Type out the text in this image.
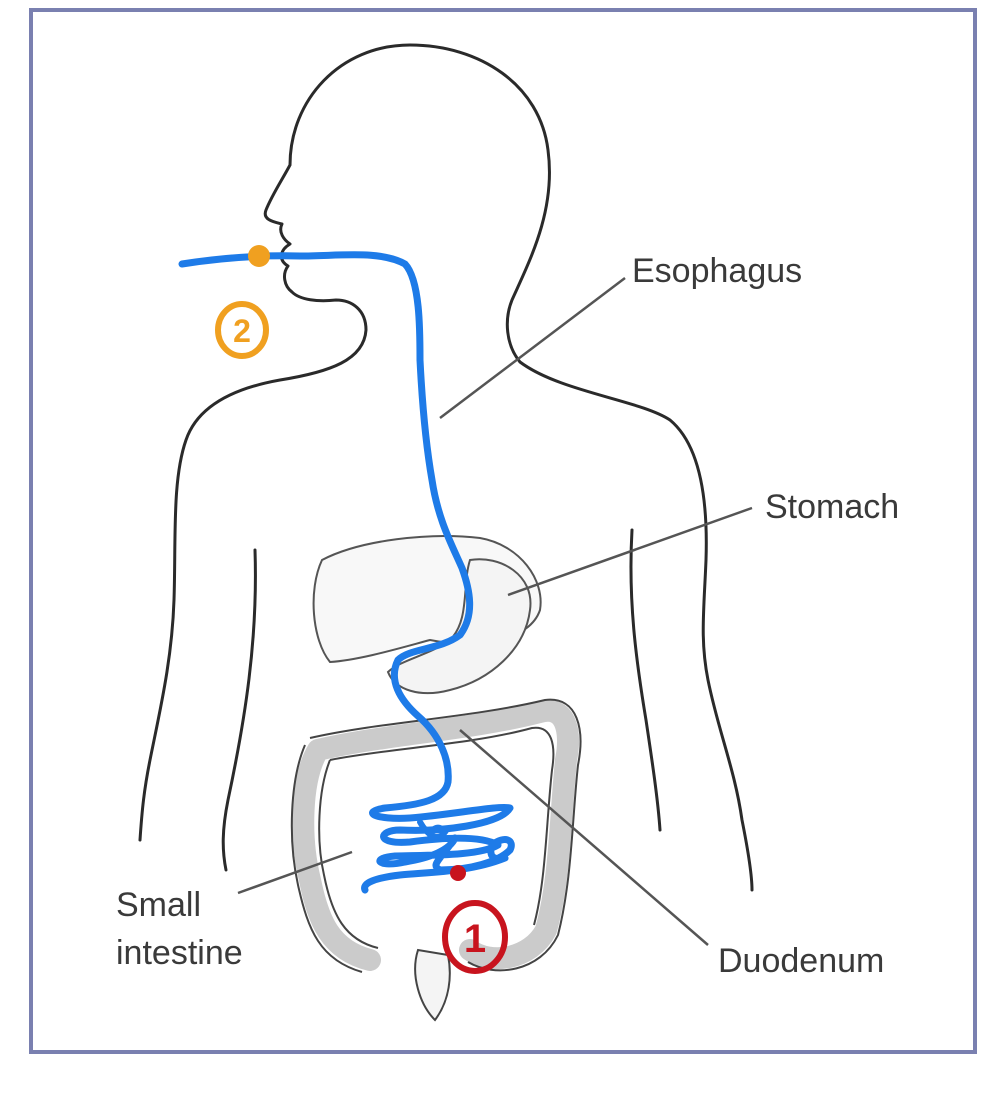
2
1
Esophagus
Stomach
Small
intestine	Duodenum
